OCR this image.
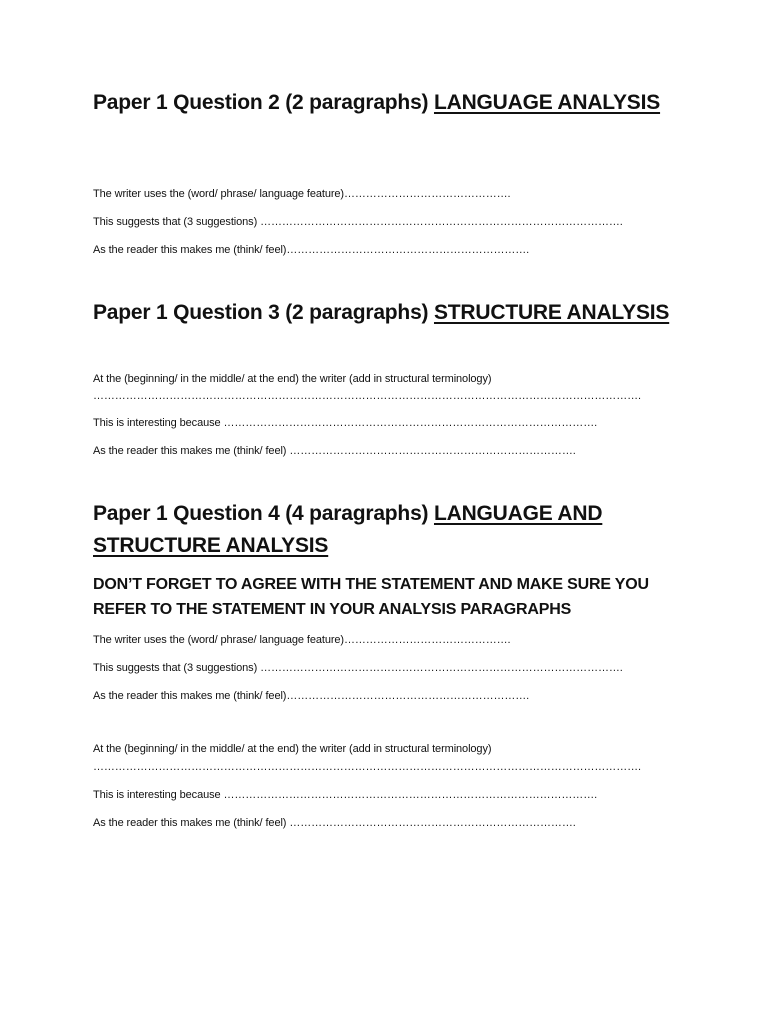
Paper 1 Question 2 (2 paragraphs) LANGUAGE ANALYSIS
The writer uses the (word/ phrase/ language feature)……………………………………….
This suggests that (3 suggestions) ……………………………………………………………………………………….
As the reader this makes me (think/ feel)………………………………………………………….
Paper 1 Question 3 (2 paragraphs) STRUCTURE ANALYSIS
At the (beginning/ in the middle/ at the end) the writer (add in structural terminology)
…………………………………………………………………………………………………………………………………….
This is interesting because ………………………………………………………………………………………….
As the reader this makes me (think/ feel) …………………………………………………………………….
Paper 1 Question 4 (4 paragraphs) LANGUAGE AND STRUCTURE ANALYSIS
DON’T FORGET TO AGREE WITH THE STATEMENT AND MAKE SURE YOU REFER TO THE STATEMENT IN YOUR ANALYSIS PARAGRAPHS
The writer uses the (word/ phrase/ language feature)……………………………………….
This suggests that (3 suggestions) ……………………………………………………………………………………….
As the reader this makes me (think/ feel)………………………………………………………….
At the (beginning/ in the middle/ at the end) the writer (add in structural terminology)
…………………………………………………………………………………………………………………………………….
This is interesting because ………………………………………………………………………………………….
As the reader this makes me (think/ feel) …………………………………………………………………….
